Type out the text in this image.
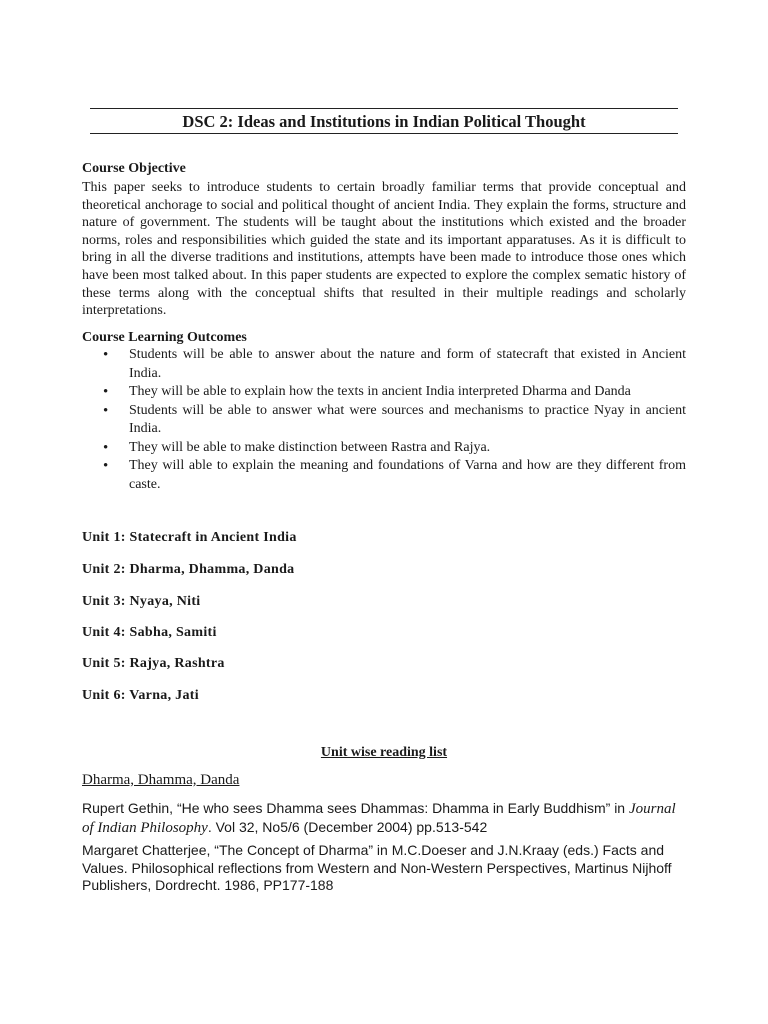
DSC 2: Ideas and Institutions in Indian Political Thought
Course Objective
This paper seeks to introduce students to certain broadly familiar terms that provide conceptual and theoretical anchorage to social and political thought of ancient India. They explain the forms, structure and nature of government. The students will be taught about the institutions which existed and the broader norms, roles and responsibilities which guided the state and its important apparatuses. As it is difficult to bring in all the diverse traditions and institutions, attempts have been made to introduce those ones which have been most talked about. In this paper students are expected to explore the complex sematic history of these terms along with the conceptual shifts that resulted in their multiple readings and scholarly interpretations.
Course Learning Outcomes
• Students will be able to answer about the nature and form of statecraft that existed in Ancient India.
• They will be able to explain how the texts in ancient India interpreted Dharma and Danda
• Students will be able to answer what were sources and mechanisms to practice Nyay in ancient India.
• They will be able to make distinction between Rastra and Rajya.
• They will able to explain the meaning and foundations of Varna and how are they different from caste.
Unit 1: Statecraft in Ancient India
Unit 2: Dharma, Dhamma, Danda
Unit 3: Nyaya, Niti
Unit 4: Sabha, Samiti
Unit 5: Rajya, Rashtra
Unit 6: Varna, Jati
Unit wise reading list
Dharma, Dhamma, Danda
Rupert Gethin, “He who sees Dhamma sees Dhammas: Dhamma in Early Buddhism” in Journal of Indian Philosophy. Vol 32, No5/6 (December 2004) pp.513-542
Margaret Chatterjee, “The Concept of Dharma” in M.C.Doeser and J.N.Kraay (eds.) Facts and Values. Philosophical reflections from Western and Non-Western Perspectives, Martinus Nijhoff Publishers, Dordrecht. 1986, PP177-188
